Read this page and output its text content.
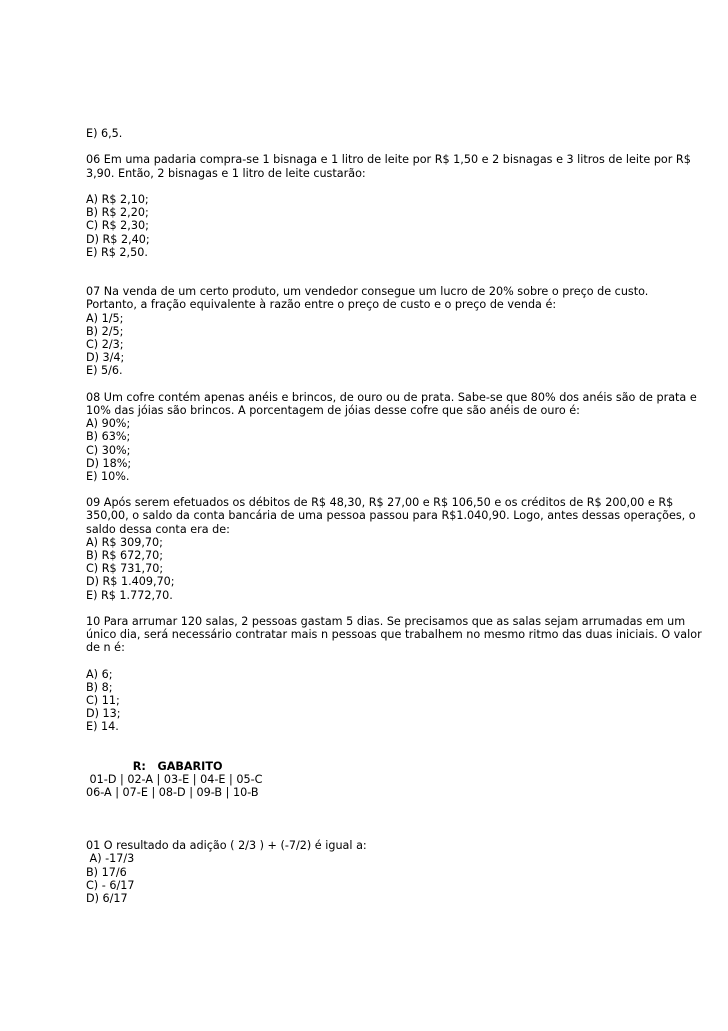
E) 6,5.
06 Em uma padaria compra-se 1 bisnaga e 1 litro de leite por R$ 1,50 e 2 bisnagas e 3 litros de leite por R$
3,90. Então, 2 bisnagas e 1 litro de leite custarão:
A) R$ 2,10;
B) R$ 2,20;
C) R$ 2,30;
D) R$ 2,40;
E) R$ 2,50.
07 Na venda de um certo produto, um vendedor consegue um lucro de 20% sobre o preço de custo.
Portanto, a fração equivalente à razão entre o preço de custo e o preço de venda é:
A) 1/5;
B) 2/5;
C) 2/3;
D) 3/4;
E) 5/6.
08 Um cofre contém apenas anéis e brincos, de ouro ou de prata. Sabe-se que 80% dos anéis são de prata e
10% das jóias são brincos. A porcentagem de jóias desse cofre que são anéis de ouro é:
A) 90%;
B) 63%;
C) 30%;
D) 18%;
E) 10%.
09 Após serem efetuados os débitos de R$ 48,30, R$ 27,00 e R$ 106,50 e os créditos de R$ 200,00 e R$
350,00, o saldo da conta bancária de uma pessoa passou para R$1.040,90. Logo, antes dessas operações, o
saldo dessa conta era de:
A) R$ 309,70;
B) R$ 672,70;
C) R$ 731,70;
D) R$ 1.409,70;
E) R$ 1.772,70.
10 Para arrumar 120 salas, 2 pessoas gastam 5 dias. Se precisamos que as salas sejam arrumadas em um
único dia, será necessário contratar mais n pessoas que trabalhem no mesmo ritmo das duas iniciais. O valor
de n é:
A) 6;
B) 8;
C) 11;
D) 13;
E) 14.
R:   GABARITO
01-D | 02-A | 03-E | 04-E | 05-C
06-A | 07-E | 08-D | 09-B | 10-B
01 O resultado da adição ( 2/3 ) + (-7/2) é igual a:
A) -17/3
B) 17/6
C) - 6/17
D) 6/17
